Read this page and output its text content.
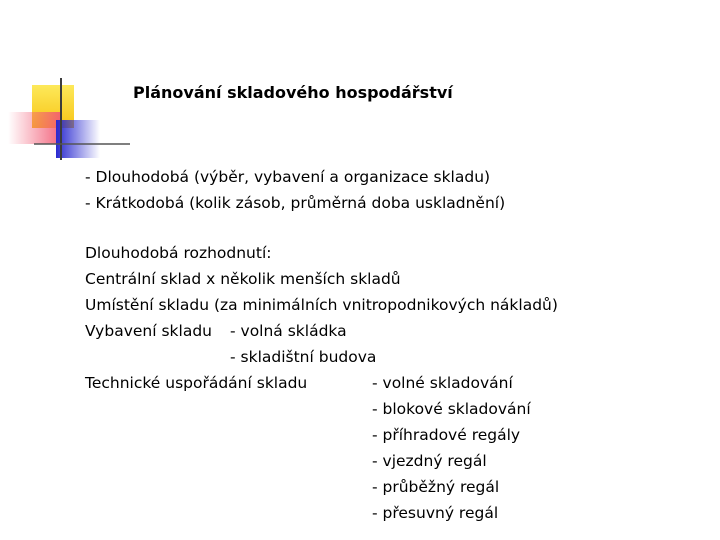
Plánování skladového hospodářství
- Dlouhodobá (výběr, vybavení a organizace skladu)
- Krátkodobá (kolik zásob, průměrná doba uskladnění)
Dlouhodobá rozhodnutí:
Centrální sklad x několik menších skladů
Umístění skladu (za minimálních vnitropodnikových nákladů)
Vybavení skladu - volná skládka
- skladištní budova
Technické uspořádání skladu	- volné skladování
- blokové skladování
- příhradové regály
- vjezdný regál
- průběžný regál
- přesuvný regál
